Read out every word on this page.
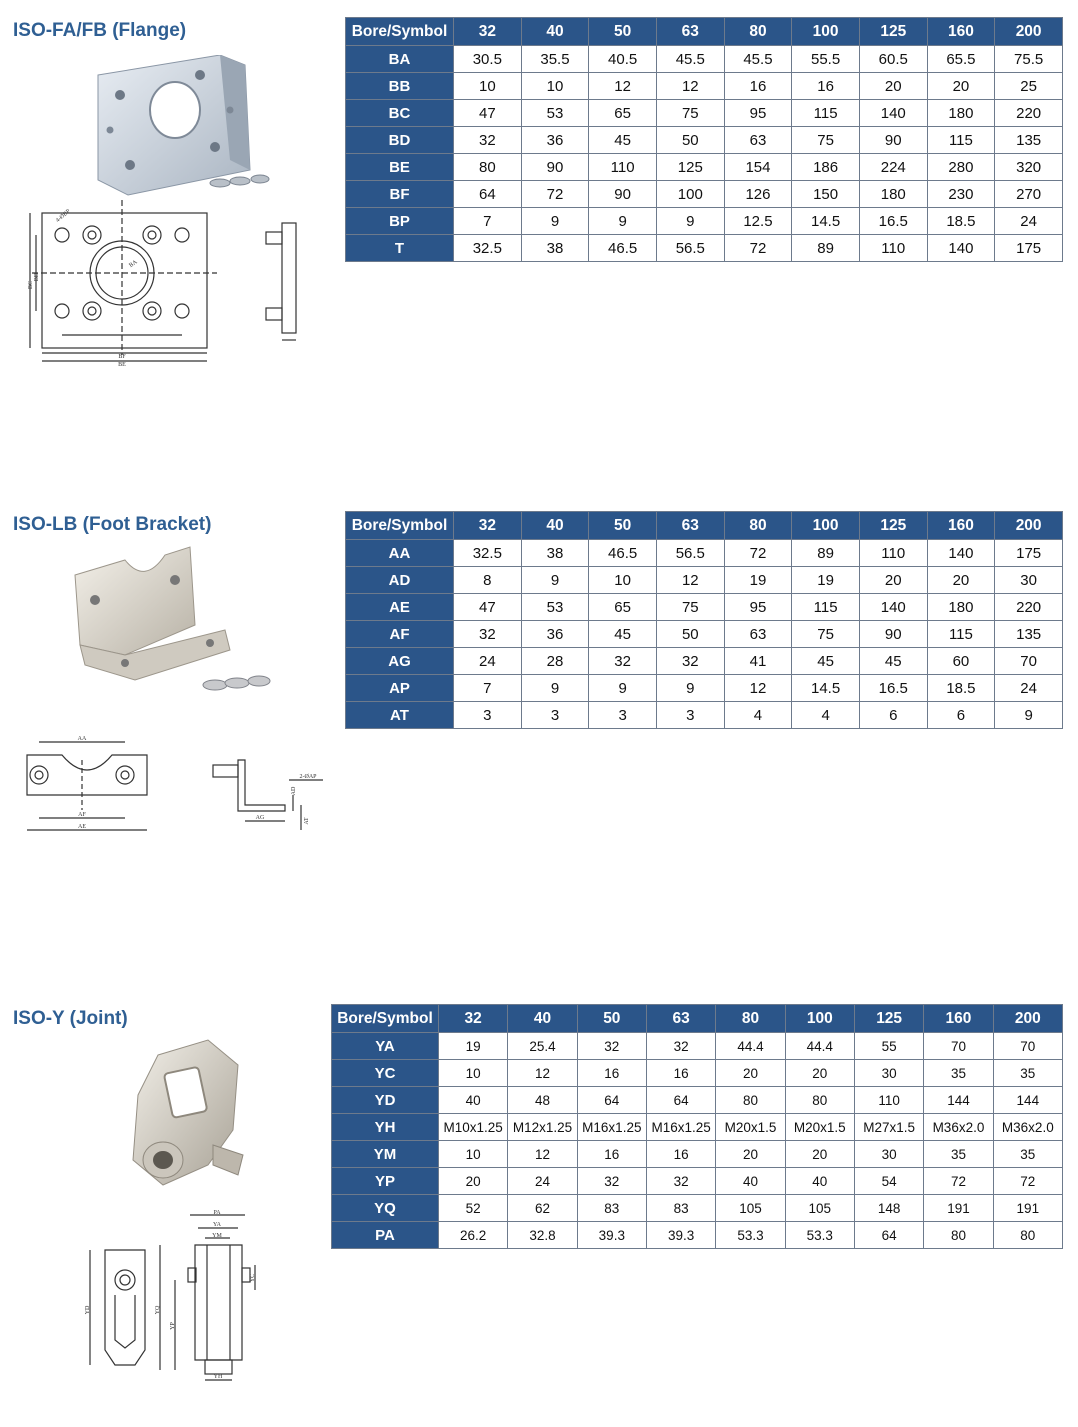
ISO-FA/FB (Flange)
BA
BC
BD
BE
BF
4-ØBP
Bore/Symbol	32	40	50	63	80	100	125	160	200
BA	30.5	35.5	40.5	45.5	45.5	55.5	60.5	65.5	75.5
BB	10	10	12	12	16	16	20	20	25
BC	47	53	65	75	95	115	140	180	220
BD	32	36	45	50	63	75	90	115	135
BE	80	90	110	125	154	186	224	280	320
BF	64	72	90	100	126	150	180	230	270
BP	7	9	9	9	12.5	14.5	16.5	18.5	24
T	32.5	38	46.5	56.5	72	89	110	140	175
ISO-LB (Foot Bracket)
AA
AF
AE
AG
AD
AT
2-ØAP
Bore/Symbol	32	40	50	63	80	100	125	160	200
AA	32.5	38	46.5	56.5	72	89	110	140	175
AD	8	9	10	12	19	19	20	20	30
AE	47	53	65	75	95	115	140	180	220
AF	32	36	45	50	63	75	90	115	135
AG	24	28	32	32	41	45	45	60	70
AP	7	9	9	9	12	14.5	16.5	18.5	24
AT	3	3	3	3	4	4	6	6	9
ISO-Y (Joint)
YD
PA
YA
YM
YQ
YP
YC
YH
Bore/Symbol	32	40	50	63	80	100	125	160	200
YA	19	25.4	32	32	44.4	44.4	55	70	70
YC	10	12	16	16	20	20	30	35	35
YD	40	48	64	64	80	80	110	144	144
YH	M10x1.25	M12x1.25	M16x1.25	M16x1.25	M20x1.5	M20x1.5	M27x1.5	M36x2.0	M36x2.0
YM	10	12	16	16	20	20	30	35	35
YP	20	24	32	32	40	40	54	72	72
YQ	52	62	83	83	105	105	148	191	191
PA	26.2	32.8	39.3	39.3	53.3	53.3	64	80	80
